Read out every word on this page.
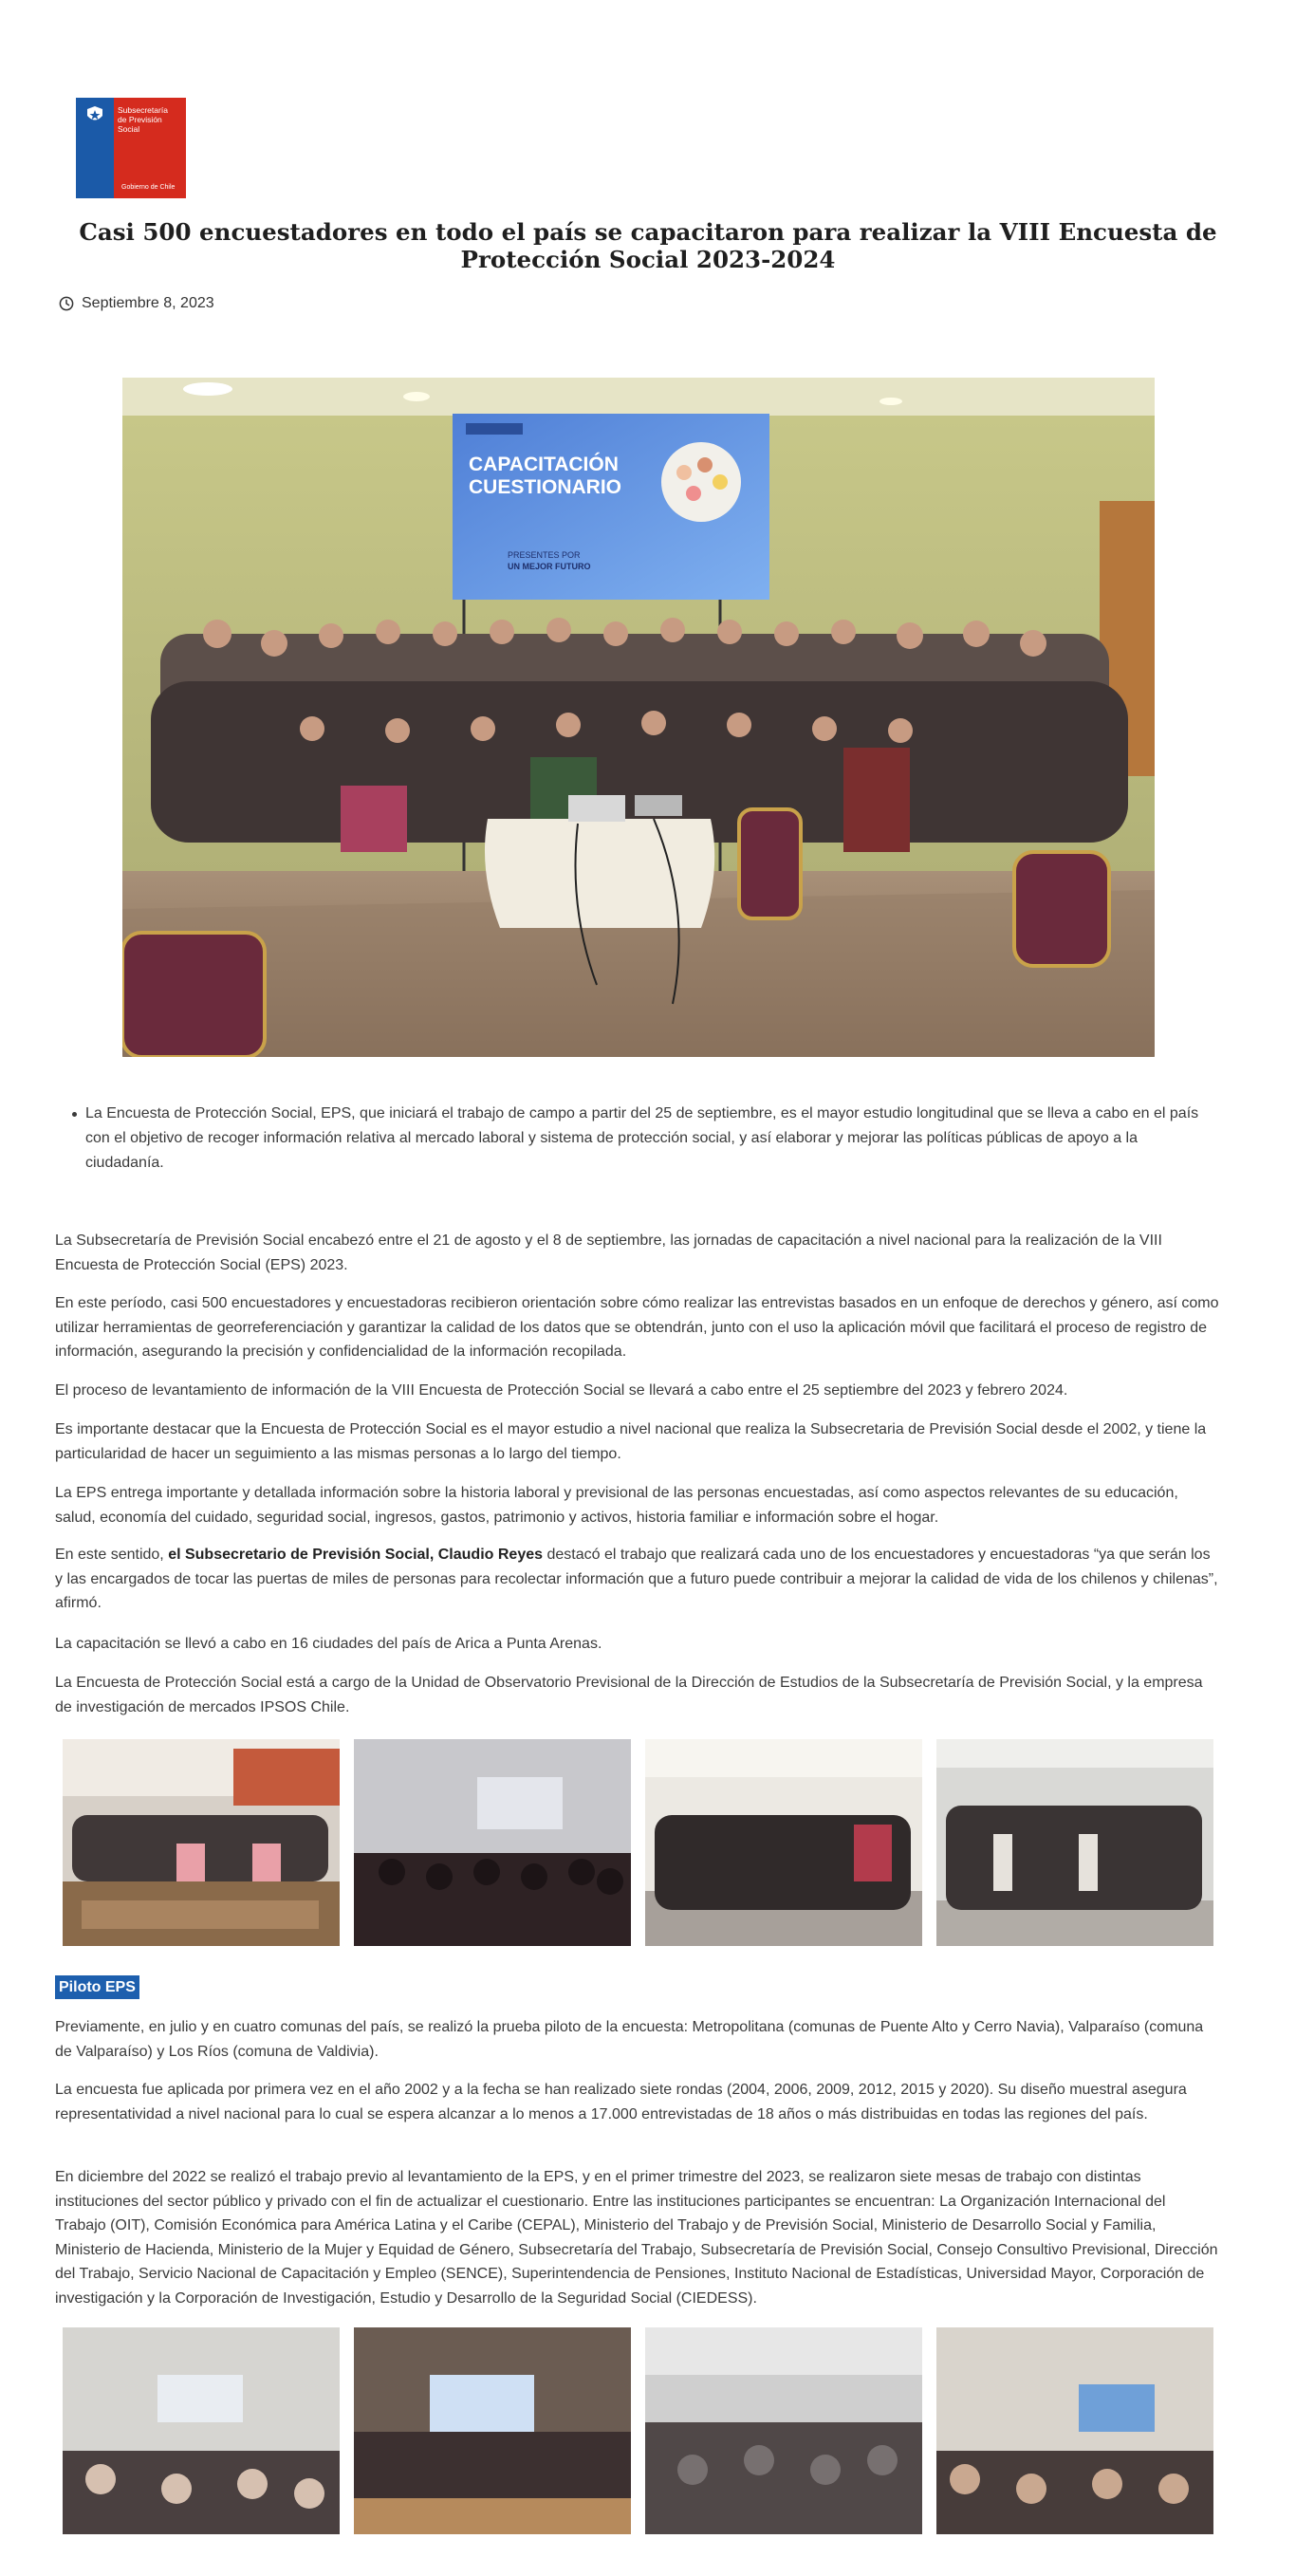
Subsecretaría
de Previsión
Social
Gobierno de Chile
Casi 500 encuestadores en todo el país se capacitaron para realizar la VIII Encuesta de Protección Social 2023-2024
Septiembre 8, 2023
CAPACITACIÓN
CUESTIONARIO
PRESENTES POR
UN MEJOR FUTURO
La Encuesta de Protección Social, EPS, que iniciará el trabajo de campo a partir del 25 de septiembre, es el mayor estudio longitudinal que se lleva a cabo en el país con el objetivo de recoger información relativa al mercado laboral y sistema de protección social, y así elaborar y mejorar las políticas públicas de apoyo a la ciudadanía.

La Subsecretaría de Previsión Social encabezó entre el 21 de agosto y el 8 de septiembre, las jornadas de capacitación a nivel nacional para la realización de la VIII Encuesta de Protección Social (EPS) 2023.

En este período, casi 500 encuestadores y encuestadoras recibieron orientación sobre cómo realizar las entrevistas basados en un enfoque de derechos y género, así como utilizar herramientas de georreferenciación y garantizar la calidad de los datos que se obtendrán, junto con el uso la aplicación móvil que facilitará el proceso de registro de información, asegurando la precisión y confidencialidad de la información recopilada.

El proceso de levantamiento de información de la VIII Encuesta de Protección Social se llevará a cabo entre el 25 septiembre del 2023 y febrero 2024.

Es importante destacar que la Encuesta de Protección Social es el mayor estudio a nivel nacional que realiza la Subsecretaria de Previsión Social desde el 2002, y tiene la particularidad de hacer un seguimiento a las mismas personas a lo largo del tiempo.

La EPS entrega importante y detallada información sobre la historia laboral y previsional de las personas encuestadas, así como aspectos relevantes de su educación, salud, economía del cuidado, seguridad social, ingresos, gastos, patrimonio y activos, historia familiar e información sobre el hogar.

En este sentido, el Subsecretario de Previsión Social, Claudio Reyes destacó el trabajo que realizará cada uno de los encuestadores y encuestadoras “ya que serán los y las encargados de tocar las puertas de miles de personas para recolectar información que a futuro puede contribuir a mejorar la calidad de vida de los chilenos y chilenas”, afirmó.

La capacitación se llevó a cabo en 16 ciudades del país de Arica a Punta Arenas.

La Encuesta de Protección Social está a cargo de la Unidad de Observatorio Previsional de la Dirección de Estudios de la Subsecretaría de Previsión Social, y la empresa de investigación de mercados IPSOS Chile.

Piloto EPS

Previamente, en julio y en cuatro comunas del país, se realizó la prueba piloto de la encuesta: Metropolitana (comunas de Puente Alto y Cerro Navia), Valparaíso (comuna de Valparaíso) y Los Ríos (comuna de Valdivia).

La encuesta fue aplicada por primera vez en el año 2002 y a la fecha se han realizado siete rondas (2004, 2006, 2009, 2012, 2015 y 2020). Su diseño muestral asegura representatividad a nivel nacional para lo cual se espera alcanzar a lo menos a 17.000 entrevistadas de 18 años o más distribuidas en todas las regiones del país.

En diciembre del 2022 se realizó el trabajo previo al levantamiento de la EPS, y en el primer trimestre del 2023, se realizaron siete mesas de trabajo con distintas instituciones del sector público y privado con el fin de actualizar el cuestionario. Entre las instituciones participantes se encuentran: La Organización Internacional del Trabajo (OIT), Comisión Económica para América Latina y el Caribe (CEPAL), Ministerio del Trabajo y de Previsión Social, Ministerio de Desarrollo Social y Familia, Ministerio de Hacienda, Ministerio de la Mujer y Equidad de Género, Subsecretaría del Trabajo, Subsecretaría de Previsión Social, Consejo Consultivo Previsional, Dirección del Trabajo, Servicio Nacional de Capacitación y Empleo (SENCE), Superintendencia de Pensiones, Instituto Nacional de Estadísticas, Universidad Mayor, Corporación de investigación y la Corporación de Investigación, Estudio y Desarrollo de la Seguridad Social (CIEDESS).
